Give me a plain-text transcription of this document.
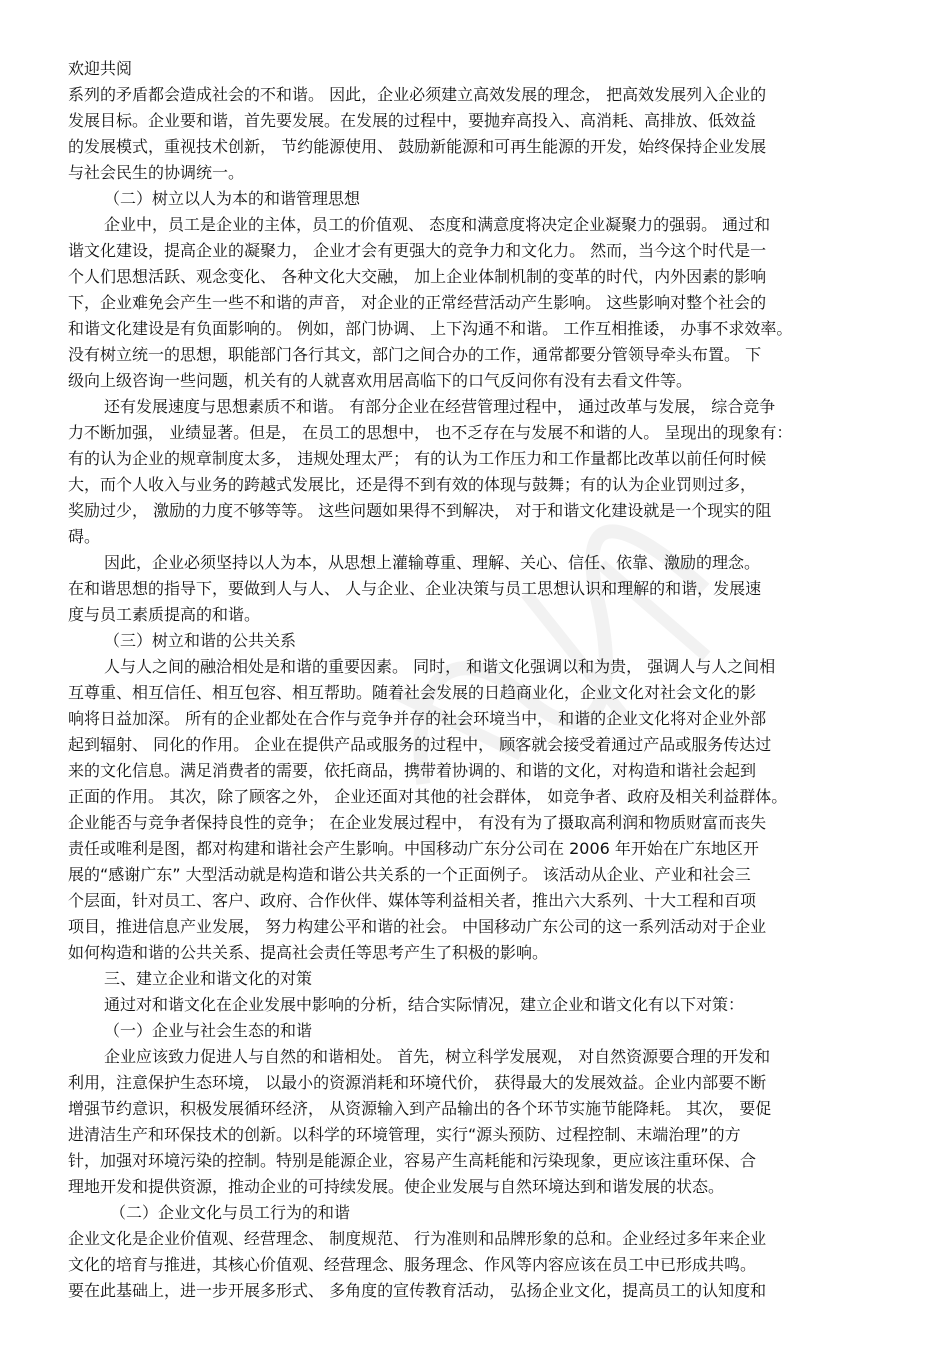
欢迎共阅
系列的矛盾都会造成社会的不和谐。 因此，企业必须建立高效发展的理念， 把高效发展列入企业的
发展目标。企业要和谐，首先要发展。在发展的过程中，要抛弃高投入、高消耗、高排放、低效益
的发展模式，重视技术创新， 节约能源使用、 鼓励新能源和可再生能源的开发，始终保持企业发展
与社会民生的协调统一。
（二）树立以人为本的和谐管理思想
企业中，员工是企业的主体，员工的价值观、 态度和满意度将决定企业凝聚力的强弱。 通过和
谐文化建设，提高企业的凝聚力， 企业才会有更强大的竞争力和文化力。 然而，当今这个时代是一
个人们思想活跃、观念变化、 各种文化大交融， 加上企业体制机制的变革的时代，内外因素的影响
下，企业难免会产生一些不和谐的声音， 对企业的正常经营活动产生影响。 这些影响对整个社会的
和谐文化建设是有负面影响的。 例如，部门协调、 上下沟通不和谐。 工作互相推诿， 办事不求效率。
没有树立统一的思想，职能部门各行其文，部门之间合办的工作，通常都要分管领导牵头布置。 下
级向上级咨询一些问题，机关有的人就喜欢用居高临下的口气反问你有没有去看文件等。
还有发展速度与思想素质不和谐。 有部分企业在经营管理过程中， 通过改革与发展， 综合竞争
力不断加强， 业绩显著。但是， 在员工的思想中， 也不乏存在与发展不和谐的人。 呈现出的现象有：
有的认为企业的规章制度太多， 违规处理太严； 有的认为工作压力和工作量都比改革以前任何时候
大，而个人收入与业务的跨越式发展比，还是得不到有效的体现与鼓舞；有的认为企业罚则过多，
奖励过少， 激励的力度不够等等。 这些问题如果得不到解决， 对于和谐文化建设就是一个现实的阻
碍。
因此，企业必须坚持以人为本，从思想上灌输尊重、理解、关心、信任、依靠、激励的理念。
在和谐思想的指导下，要做到人与人、 人与企业、企业决策与员工思想认识和理解的和谐，发展速
度与员工素质提高的和谐。
（三）树立和谐的公共关系
人与人之间的融洽相处是和谐的重要因素。 同时， 和谐文化强调以和为贵， 强调人与人之间相
互尊重、相互信任、相互包容、相互帮助。随着社会发展的日趋商业化，企业文化对社会文化的影
响将日益加深。 所有的企业都处在合作与竞争并存的社会环境当中， 和谐的企业文化将对企业外部
起到辐射、 同化的作用。 企业在提供产品或服务的过程中， 顾客就会接受着通过产品或服务传达过
来的文化信息。满足消费者的需要，依托商品，携带着协调的、和谐的文化，对构造和谐社会起到
正面的作用。 其次，除了顾客之外， 企业还面对其他的社会群体， 如竞争者、政府及相关利益群体。
企业能否与竞争者保持良性的竞争； 在企业发展过程中， 有没有为了摄取高利润和物质财富而丧失
责任或唯利是图，都对构建和谐社会产生影响。中国移动广东分公司在 2006 年开始在广东地区开
展的“感谢广东” 大型活动就是构造和谐公共关系的一个正面例子。 该活动从企业、产业和社会三
个层面，针对员工、客户、政府、合作伙伴、媒体等利益相关者，推出六大系列、十大工程和百项
项目，推进信息产业发展， 努力构建公平和谐的社会。 中国移动广东公司的这一系列活动对于企业
如何构造和谐的公共关系、提高社会责任等思考产生了积极的影响。
三、建立企业和谐文化的对策
通过对和谐文化在企业发展中影响的分析，结合实际情况，建立企业和谐文化有以下对策：
（一）企业与社会生态的和谐
企业应该致力促进人与自然的和谐相处。 首先，树立科学发展观， 对自然资源要合理的开发和
利用，注意保护生态环境， 以最小的资源消耗和环境代价， 获得最大的发展效益。企业内部要不断
增强节约意识，积极发展循环经济， 从资源输入到产品输出的各个环节实施节能降耗。 其次， 要促
进清洁生产和环保技术的创新。以科学的环境管理，实行“源头预防、过程控制、末端治理”的方
针，加强对环境污染的控制。特别是能源企业，容易产生高耗能和污染现象，更应该注重环保、合
理地开发和提供资源，推动企业的可持续发展。使企业发展与自然环境达到和谐发展的状态。
（二）企业文化与员工行为的和谐
企业文化是企业价值观、经营理念、 制度规范、 行为准则和品牌形象的总和。企业经过多年来企业
文化的培育与推进，其核心价值观、经营理念、服务理念、作风等内容应该在员工中已形成共鸣。
要在此基础上，进一步开展多形式、 多角度的宣传教育活动， 弘扬企业文化，提高员工的认知度和
